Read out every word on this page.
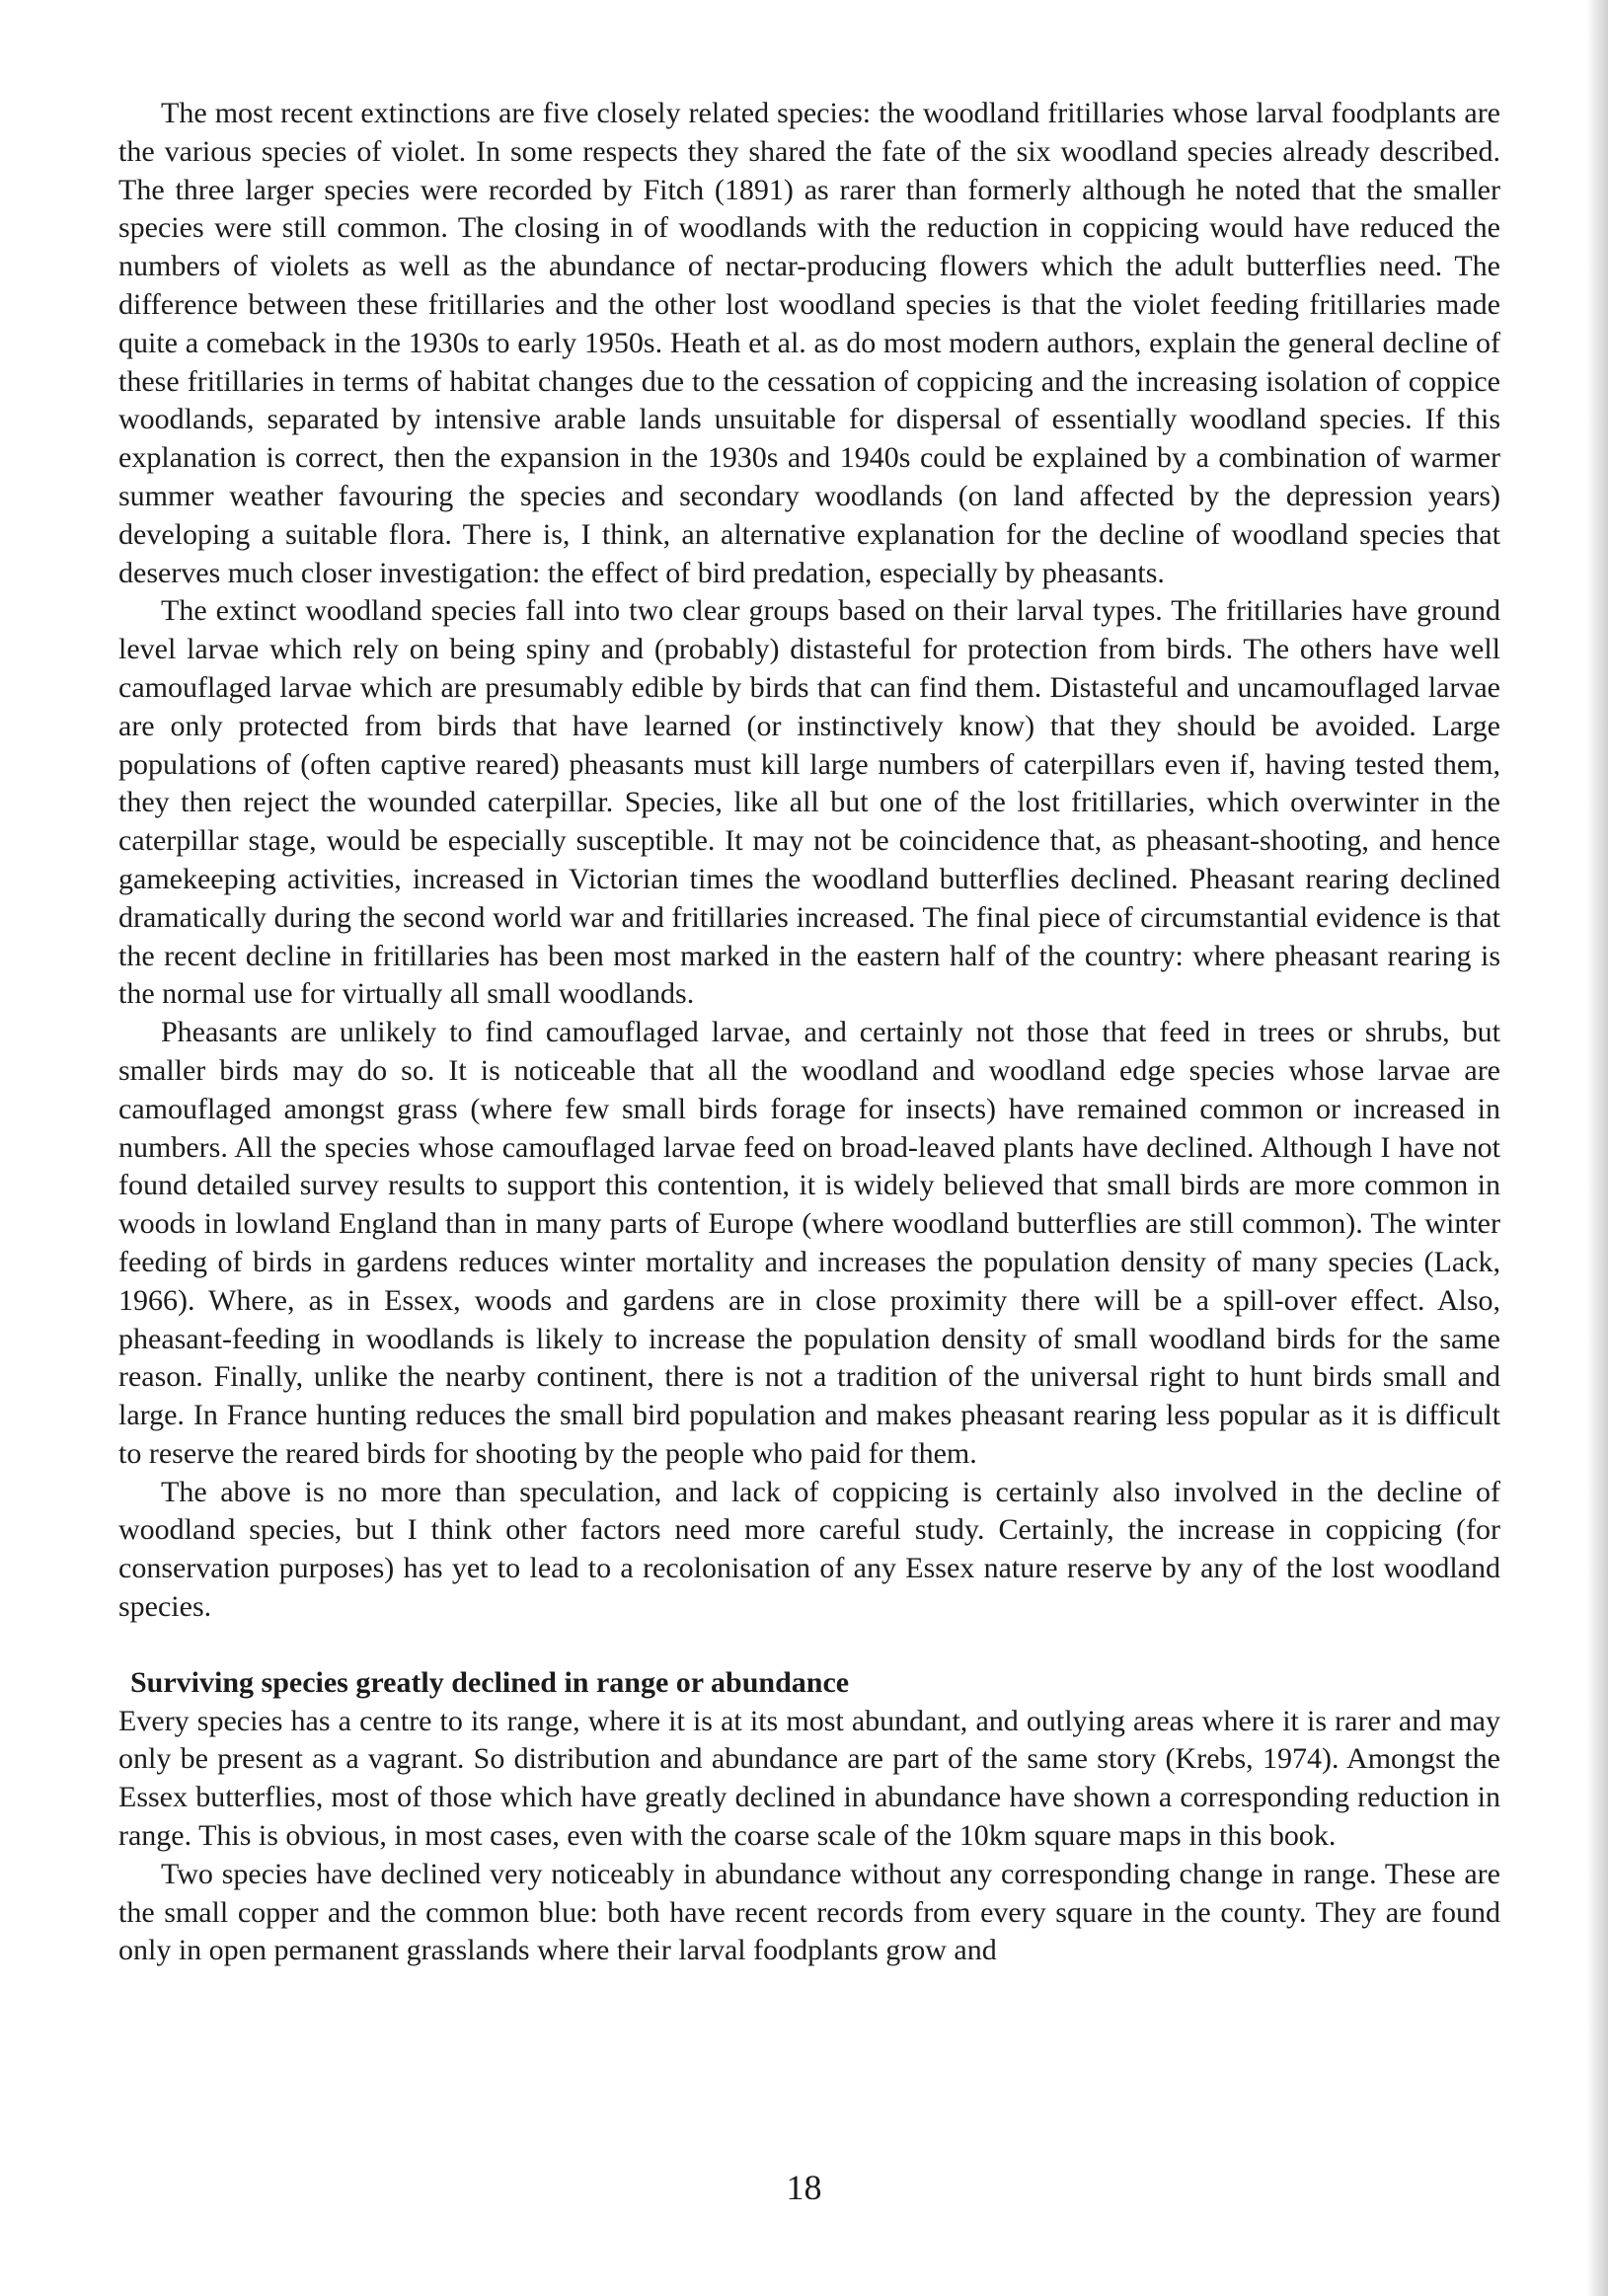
The most recent extinctions are five closely related species: the woodland fritillaries whose larval foodplants are the various species of violet. In some respects they shared the fate of the six woodland species already described. The three larger species were recorded by Fitch (1891) as rarer than formerly although he noted that the smaller species were still common. The closing in of woodlands with the reduction in coppicing would have reduced the numbers of violets as well as the abundance of nectar-producing flowers which the adult butterflies need. The difference between these fritillaries and the other lost woodland species is that the violet feeding fritillaries made quite a comeback in the 1930s to early 1950s. Heath et al. as do most modern authors, explain the general decline of these fritillaries in terms of habitat changes due to the cessation of coppicing and the increasing isolation of coppice woodlands, separated by intensive arable lands unsuitable for dispersal of essentially woodland species. If this explanation is correct, then the expansion in the 1930s and 1940s could be explained by a combination of warmer summer weather favouring the species and secondary woodlands (on land affected by the depression years) developing a suitable flora. There is, I think, an alternative explanation for the decline of woodland species that deserves much closer investigation: the effect of bird predation, especially by pheasants.

The extinct woodland species fall into two clear groups based on their larval types. The fritillaries have ground level larvae which rely on being spiny and (probably) distasteful for protection from birds. The others have well camouflaged larvae which are presumably edible by birds that can find them. Distasteful and uncamouflaged larvae are only protected from birds that have learned (or instinctively know) that they should be avoided. Large populations of (often captive reared) pheasants must kill large numbers of caterpillars even if, having tested them, they then reject the wounded caterpillar. Species, like all but one of the lost fritillaries, which overwinter in the caterpillar stage, would be especially susceptible. It may not be coincidence that, as pheasant-shooting, and hence gamekeeping activities, increased in Victorian times the woodland butterflies declined. Pheasant rearing declined dramatically during the second world war and fritillaries increased. The final piece of circumstantial evidence is that the recent decline in fritillaries has been most marked in the eastern half of the country: where pheasant rearing is the normal use for virtually all small woodlands.

Pheasants are unlikely to find camouflaged larvae, and certainly not those that feed in trees or shrubs, but smaller birds may do so. It is noticeable that all the woodland and woodland edge species whose larvae are camouflaged amongst grass (where few small birds forage for insects) have remained common or increased in numbers. All the species whose camouflaged larvae feed on broad-leaved plants have declined. Although I have not found detailed survey results to support this contention, it is widely believed that small birds are more common in woods in lowland England than in many parts of Europe (where woodland butterflies are still common). The winter feeding of birds in gardens reduces winter mortality and increases the population density of many species (Lack, 1966). Where, as in Essex, woods and gardens are in close proximity there will be a spill-over effect. Also, pheasant-feeding in woodlands is likely to increase the population density of small woodland birds for the same reason. Finally, unlike the nearby continent, there is not a tradition of the universal right to hunt birds small and large. In France hunting reduces the small bird population and makes pheasant rearing less popular as it is difficult to reserve the reared birds for shooting by the people who paid for them.

The above is no more than speculation, and lack of coppicing is certainly also involved in the decline of woodland species, but I think other factors need more careful study. Certainly, the increase in coppicing (for conservation purposes) has yet to lead to a recolonisation of any Essex nature reserve by any of the lost woodland species.

Surviving species greatly declined in range or abundance

Every species has a centre to its range, where it is at its most abundant, and outlying areas where it is rarer and may only be present as a vagrant. So distribution and abundance are part of the same story (Krebs, 1974). Amongst the Essex butterflies, most of those which have greatly declined in abundance have shown a corresponding reduction in range. This is obvious, in most cases, even with the coarse scale of the 10km square maps in this book.

Two species have declined very noticeably in abundance without any corresponding change in range. These are the small copper and the common blue: both have recent records from every square in the county. They are found only in open permanent grasslands where their larval foodplants grow and

18
